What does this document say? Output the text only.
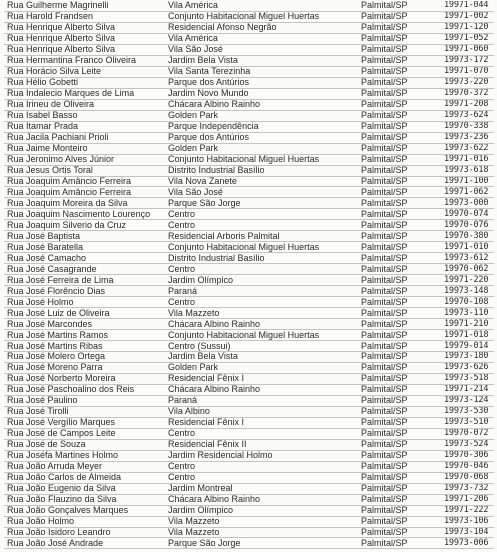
Rua Guilherme Magrinelli	Vila América	Palmital/SP	19971-044
Rua Harold Frandsen	Conjunto Habitacional Miguel Huertas	Palmital/SP	19971-002
Rua Henrique Alberto Silva	Residencial Afonso Negrão	Palmital/SP	19971-120
Rua Henrique Alberto Silva	Vila América	Palmital/SP	19971-052
Rua Henrique Alberto Silva	Vila São José	Palmital/SP	19971-060
Rua Hermantina Franco Oliveira	Jardim Bela Vista	Palmital/SP	19973-172
Rua Horácio Silva Leite	Vila Santa Terezinha	Palmital/SP	19971-070
Rua Hélio Gobetti	Parque dos Antúrios	Palmital/SP	19973-220
Rua Indalecio Marques de Lima	Jardim Novo Mundo	Palmital/SP	19970-372
Rua Irineu de Oliveira	Chácara Albino Rainho	Palmital/SP	19971-208
Rua Isabel Basso	Golden Park	Palmital/SP	19973-624
Rua Itamar Prada	Parque Independência	Palmital/SP	19970-338
Rua Jacila Pachiani Prioli	Parque dos Antúrios	Palmital/SP	19973-236
Rua Jaime Monteiro	Golden Park	Palmital/SP	19973-622
Rua Jeronimo Alves Júnior	Conjunto Habitacional Miguel Huertas	Palmital/SP	19971-016
Rua Jesus Ortis Toral	Distrito Industrial Basílio	Palmital/SP	19973-618
Rua Joaquim Amâncio Ferreira	Vila Nova Zanete	Palmital/SP	19971-100
Rua Joaquim Amâncio Ferreira	Vila São José	Palmital/SP	19971-062
Rua Joaquim Moreira da Silva	Parque São Jorge	Palmital/SP	19973-000
Rua Joaquim Nascimento Lourenço	Centro	Palmital/SP	19970-074
Rua Joaquim Silverio da Cruz	Centro	Palmital/SP	19970-076
Rua José Baptista	Residencial Arboris Palmital	Palmital/SP	19970-380
Rua José Baratella	Conjunto Habitacional Miguel Huertas	Palmital/SP	19971-010
Rua José Camacho	Distrito Industrial Basílio	Palmital/SP	19973-612
Rua José Casagrande	Centro	Palmital/SP	19970-062
Rua José Ferreira de Lima	Jardim Olímpico	Palmital/SP	19971-220
Rua José Florêncio Dias	Paraná	Palmital/SP	19973-148
Rua José Holmo	Centro	Palmital/SP	19970-108
Rua José Luiz de Oliveira	Vila Mazzeto	Palmital/SP	19973-110
Rua José Marcondes	Chácara Albino Rainho	Palmital/SP	19971-210
Rua José Martins Ramos	Conjunto Habitacional Miguel Huertas	Palmital/SP	19971-018
Rua José Martins Ribas	Centro (Sussui)	Palmital/SP	19979-014
Rua José Molero Ortega	Jardim Bela Vista	Palmital/SP	19973-180
Rua José Moreno Parra	Golden Park	Palmital/SP	19973-626
Rua José Norberto Moreira	Residencial Fênix I	Palmital/SP	19973-518
Rua José Paschoalino dos Reis	Chácara Albino Rainho	Palmital/SP	19971-214
Rua José Paulino	Paraná	Palmital/SP	19973-124
Rua José Tirolli	Vila Albino	Palmital/SP	19973-530
Rua José Vergílio Marques	Residencial Fênix I	Palmital/SP	19973-510
Rua José de Campos Leite	Centro	Palmital/SP	19970-072
Rua José de Souza	Residencial Fênix II	Palmital/SP	19973-524
Rua Joséfa Martines Holmo	Jardim Residencial Holmo	Palmital/SP	19970-306
Rua João Arruda Meyer	Centro	Palmital/SP	19970-046
Rua João Carlos de Almeida	Centro	Palmital/SP	19970-068
Rua João Eugenio da Silva	Jardim Montreal	Palmital/SP	19973-732
Rua João Flauzino da Silva	Chácara Albino Rainho	Palmital/SP	19971-206
Rua João Gonçalves Marques	Jardim Olímpico	Palmital/SP	19971-222
Rua João Holmo	Vila Mazzeto	Palmital/SP	19973-106
Rua João Isidoro Leandro	Vila Mazzeto	Palmital/SP	19973-104
Rua João José Andrade	Parque São Jorge	Palmital/SP	19973-006
